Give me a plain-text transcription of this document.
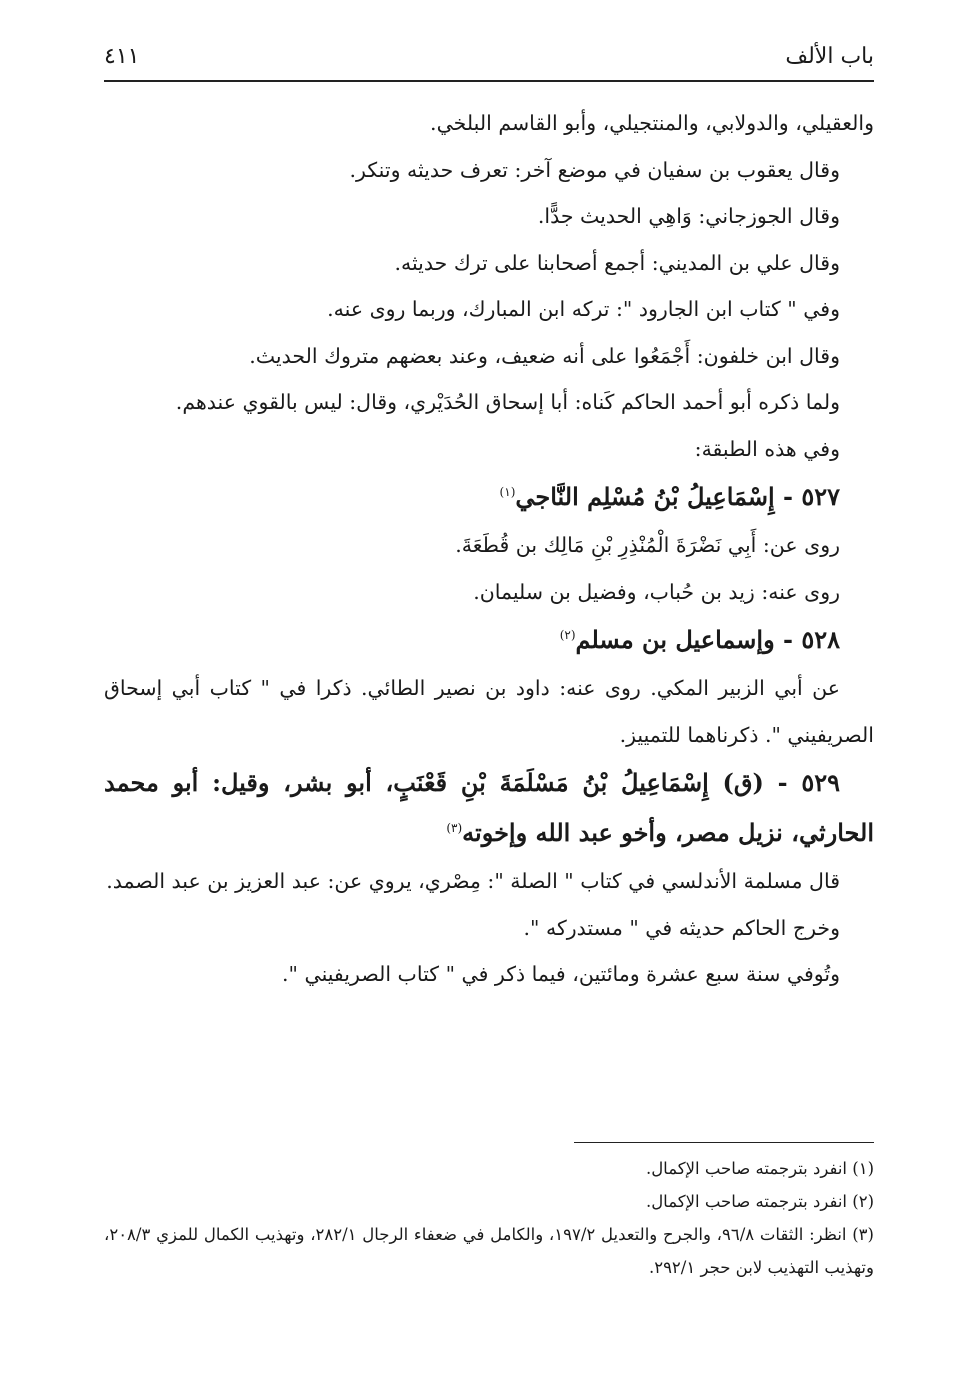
باب الألف
٤١١

والعقيلي، والدولابي، والمنتجيلي، وأبو القاسم البلخي.

وقال يعقوب بن سفيان في موضع آخر: تعرف حديثه وتنكر.

وقال الجوزجاني: وَاهِي الحديث جدًّا.

وقال علي بن المديني: أجمع أصحابنا على ترك حديثه.

وفي " كتاب ابن الجارود ": تركه ابن المبارك، وربما روى عنه.

وقال ابن خلفون: أَجْمَعُوا على أنه ضعيف، وعند بعضهم متروك الحديث.

ولما ذكره أبو أحمد الحاكم كَناه: أبا إسحاق الحُدَيْري، وقال: ليس بالقوي عندهم.

وفي هذه الطبقة:

٥٢٧ - إِسْمَاعِيلُ بْنُ مُسْلِم النَّاجي$^{(١)}$

روى عن: أَبِي نَضْرَةَ الْمُنْذِرِ بْنِ مَالِك بن قُطَعَةَ.

روى عنه: زيد بن حُباب، وفضيل بن سليمان.

٥٢٨ - وإسماعيل بن مسلم$^{(٢)}$

عن أبي الزبير المكي. روى عنه: داود بن نصير الطائي. ذكرا في " كتاب أبي إسحاق الصريفيني ". ذكرناهما للتمييز.

٥٢٩ - (ق) إِسْمَاعِيلُ بْنُ مَسْلَمَةَ بْنِ قَعْنَبٍ، أبو بشر، وقيل: أبو محمد الحارثي، نزيل مصر، وأخو عبد الله وإخوته$^{(٣)}$

قال مسلمة الأندلسي في كتاب " الصلة ": مِصْري، يروي عن: عبد العزيز بن عبد الصمد.

وخرج الحاكم حديثه في " مستدركه ".

وتُوفي سنة سبع عشرة ومائتين، فيما ذكر في " كتاب الصريفيني ".

(١) انفرد بترجمته صاحب الإكمال.

(٢) انفرد بترجمته صاحب الإكمال.

(٣) انظر: الثقات ٩٦/٨، والجرح والتعديل ١٩٧/٢، والكامل في ضعفاء الرجال ٢٨٢/١، وتهذيب الكمال للمزي ٢٠٨/٣، وتهذيب التهذيب لابن حجر ٢٩٢/١.
